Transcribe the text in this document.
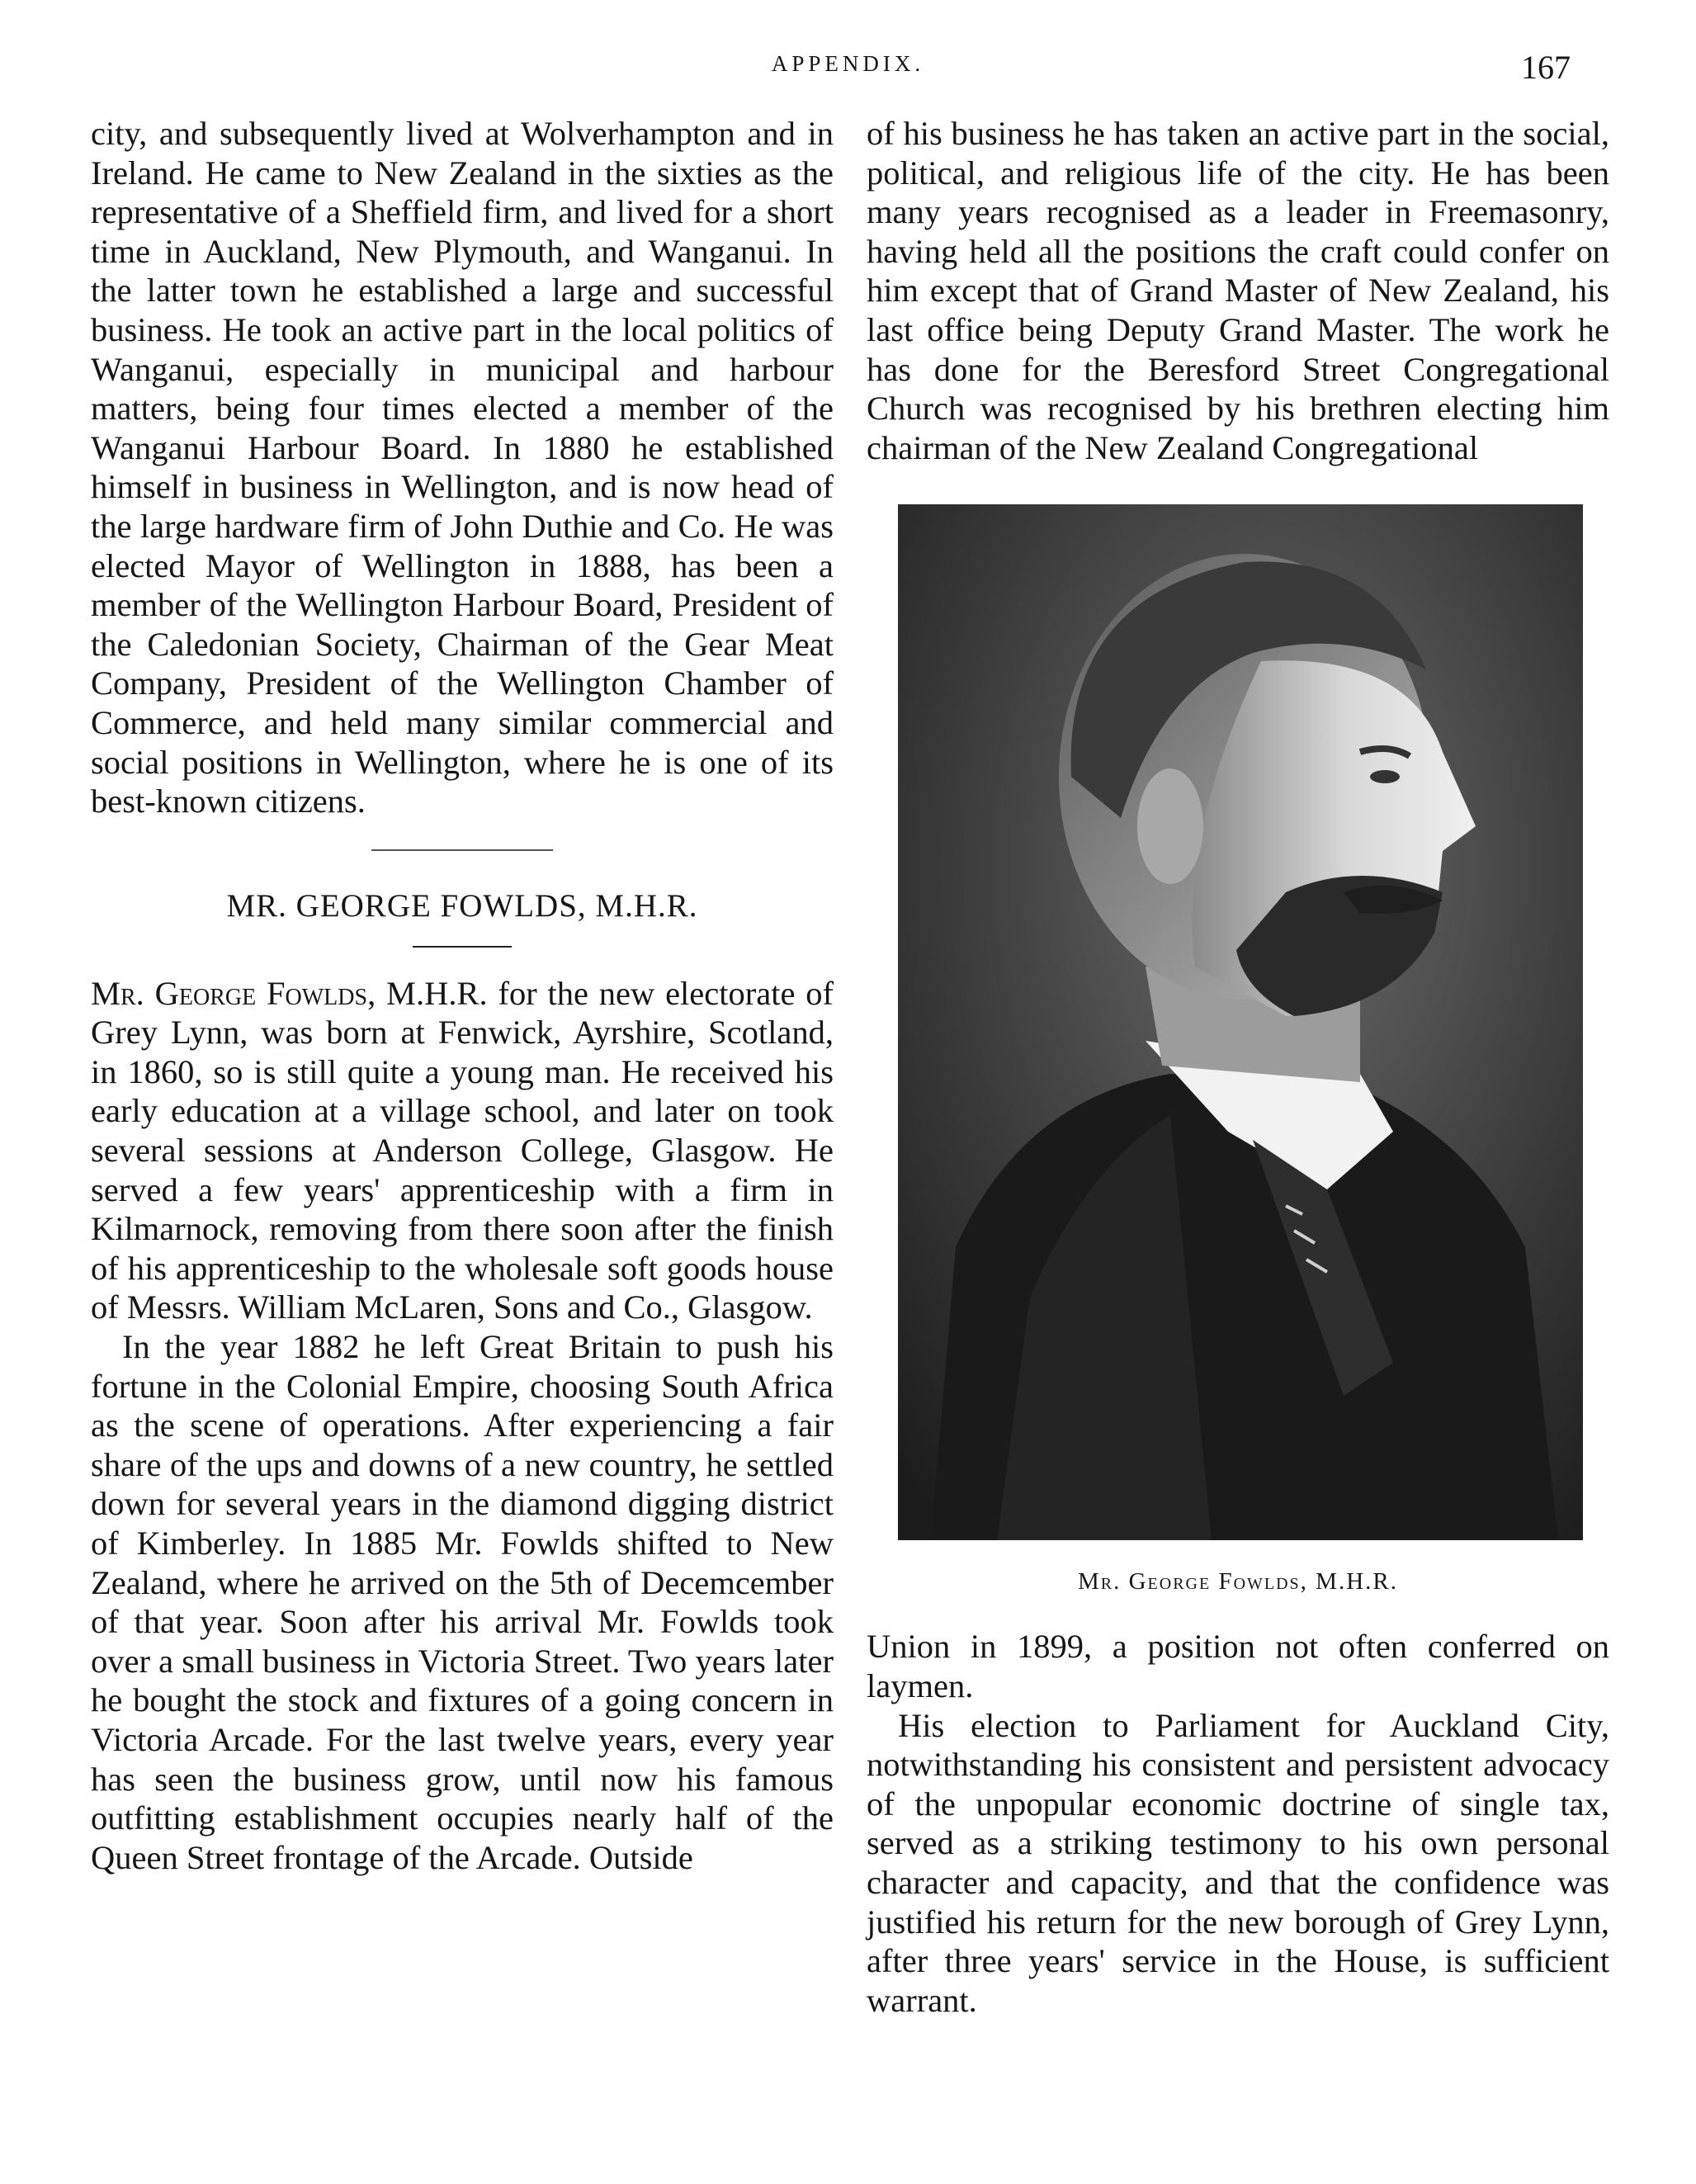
APPENDIX.	167

city, and subsequently lived at Wolverhampton and in Ireland. He came to New Zealand in the sixties as the representative of a Sheffield firm, and lived for a short time in Auckland, New Plymouth, and Wanganui. In the latter town he established a large and successful business. He took an active part in the local politics of Wanganui, especially in municipal and harbour matters, being four times elected a member of the Wanganui Harbour Board. In 1880 he established himself in business in Wellington, and is now head of the large hardware firm of John Duthie and Co. He was elected Mayor of Wellington in 1888, has been a member of the Wellington Harbour Board, President of the Caledonian Society, Chairman of the Gear Meat Company, President of the Wellington Chamber of Commerce, and held many similar commercial and social positions in Wellington, where he is one of its best-known citizens.

MR. GEORGE FOWLDS, M.H.R.

Mr. George Fowlds, M.H.R. for the new electorate of Grey Lynn, was born at Fenwick, Ayrshire, Scotland, in 1860, so is still quite a young man. He received his early education at a village school, and later on took several sessions at Anderson College, Glasgow. He served a few years' apprenticeship with a firm in Kilmarnock, removing from there soon after the finish of his apprenticeship to the wholesale soft goods house of Messrs. William McLaren, Sons and Co., Glasgow.

In the year 1882 he left Great Britain to push his fortune in the Colonial Empire, choosing South Africa as the scene of operations. After experiencing a fair share of the ups and downs of a new country, he settled down for several years in the diamond digging district of Kimberley. In 1885 Mr. Fowlds shifted to New Zealand, where he arrived on the 5th of Decemcember of that year. Soon after his arrival Mr. Fowlds took over a small business in Victoria Street. Two years later he bought the stock and fixtures of a going concern in Victoria Arcade. For the last twelve years, every year has seen the business grow, until now his famous outfitting establishment occupies nearly half of the Queen Street frontage of the Arcade. Outside

of his business he has taken an active part in the social, political, and religious life of the city. He has been many years recognised as a leader in Freemasonry, having held all the positions the craft could confer on him except that of Grand Master of New Zealand, his last office being Deputy Grand Master. The work he has done for the Beresford Street Congregational Church was recognised by his brethren electing him chairman of the New Zealand Congregational

Mr. George Fowlds, M.H.R.

Union in 1899, a position not often conferred on laymen.

His election to Parliament for Auckland City, notwithstanding his consistent and persistent advocacy of the unpopular economic doctrine of single tax, served as a striking testimony to his own personal character and capacity, and that the confidence was justified his return for the new borough of Grey Lynn, after three years' service in the House, is sufficient warrant.
